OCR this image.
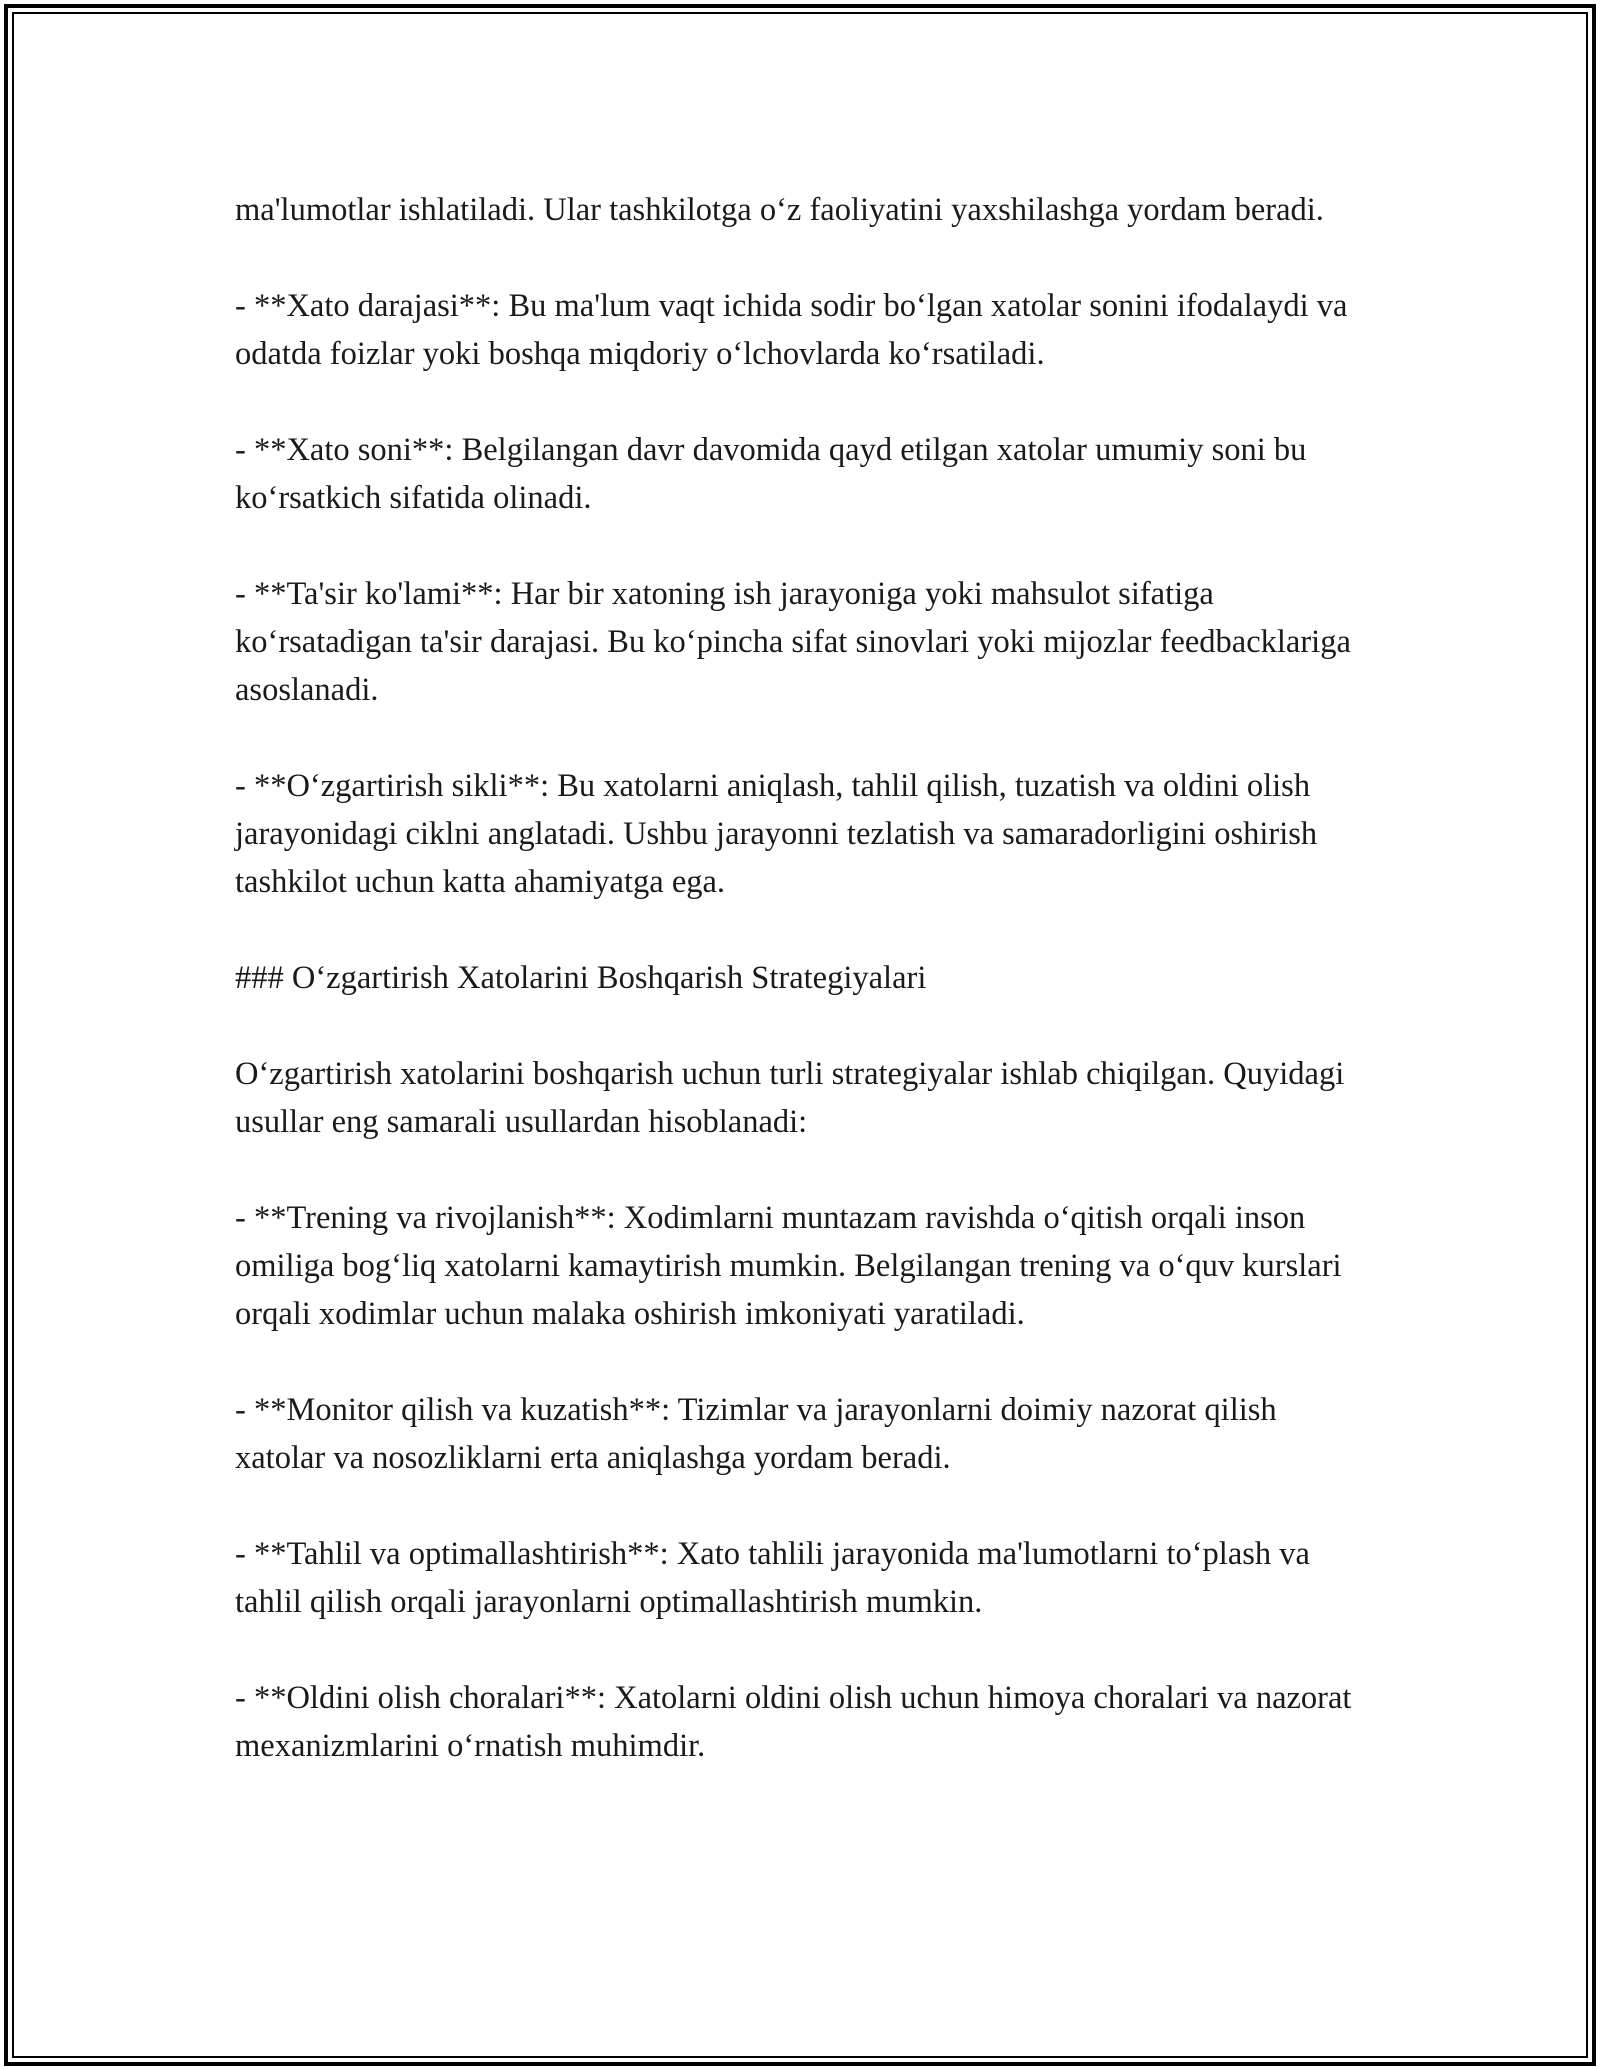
ma'lumotlar ishlatiladi. Ular tashkilotga oʻz faoliyatini yaxshilashga yordam beradi.

- **Xato darajasi**: Bu ma'lum vaqt ichida sodir boʻlgan xatolar sonini ifodalaydi va odatda foizlar yoki boshqa miqdoriy oʻlchovlarda koʻrsatiladi.

- **Xato soni**: Belgilangan davr davomida qayd etilgan xatolar umumiy soni bu koʻrsatkich sifatida olinadi.

- **Ta'sir ko'lami**: Har bir xatoning ish jarayoniga yoki mahsulot sifatiga koʻrsatadigan ta'sir darajasi. Bu koʻpincha sifat sinovlari yoki mijozlar feedbacklariga asoslanadi.

- **Oʻzgartirish sikli**: Bu xatolarni aniqlash, tahlil qilish, tuzatish va oldini olish jarayonidagi ciklni anglatadi. Ushbu jarayonni tezlatish va samaradorligini oshirish tashkilot uchun katta ahamiyatga ega.

### Oʻzgartirish Xatolarini Boshqarish Strategiyalari

Oʻzgartirish xatolarini boshqarish uchun turli strategiyalar ishlab chiqilgan. Quyidagi usullar eng samarali usullardan hisoblanadi:

- **Trening va rivojlanish**: Xodimlarni muntazam ravishda oʻqitish orqali inson omiliga bogʻliq xatolarni kamaytirish mumkin. Belgilangan trening va oʻquv kurslari orqali xodimlar uchun malaka oshirish imkoniyati yaratiladi.

- **Monitor qilish va kuzatish**: Tizimlar va jarayonlarni doimiy nazorat qilish xatolar va nosozliklarni erta aniqlashga yordam beradi.

- **Tahlil va optimallashtirish**: Xato tahlili jarayonida ma'lumotlarni toʻplash va tahlil qilish orqali jarayonlarni optimallashtirish mumkin.

- **Oldini olish choralari**: Xatolarni oldini olish uchun himoya choralari va nazorat mexanizmlarini oʻrnatish muhimdir.
